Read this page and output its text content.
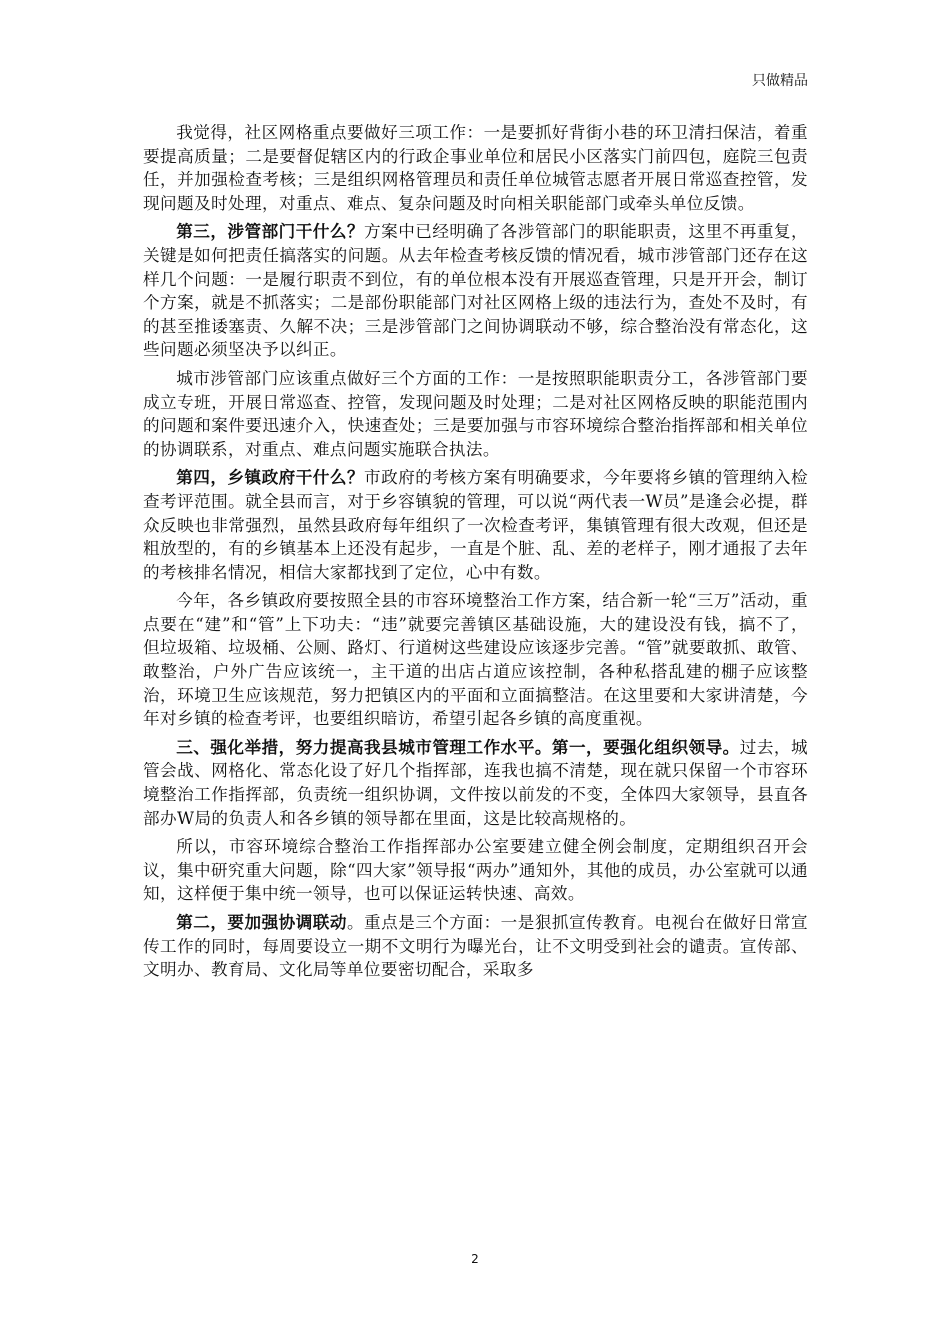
只做精品

我觉得，社区网格重点要做好三项工作：一是要抓好背街小巷的环卫清扫保洁，着重要提高质量；二是要督促辖区内的行政企事业单位和居民小区落实门前四包，庭院三包责任，并加强检查考核；三是组织网格管理员和责任单位城管志愿者开展日常巡查控管，发现问题及时处理，对重点、难点、复杂问题及时向相关职能部门或牵头单位反馈。

第三，涉管部门干什么？方案中已经明确了各涉管部门的职能职责，这里不再重复，关键是如何把责任搞落实的问题。从去年检查考核反馈的情况看，城市涉管部门还存在这样几个问题：一是履行职责不到位，有的单位根本没有开展巡查管理，只是开开会，制订个方案，就是不抓落实；二是部份职能部门对社区网格上级的违法行为，查处不及时，有的甚至推诿塞责、久解不决；三是涉管部门之间协调联动不够，综合整治没有常态化，这些问题必须坚决予以纠正。

城市涉管部门应该重点做好三个方面的工作：一是按照职能职责分工，各涉管部门要成立专班，开展日常巡查、控管，发现问题及时处理；二是对社区网格反映的职能范围内的问题和案件要迅速介入，快速查处；三是要加强与市容环境综合整治指挥部和相关单位的协调联系，对重点、难点问题实施联合执法。

第四，乡镇政府干什么？市政府的考核方案有明确要求，今年要将乡镇的管理纳入检查考评范围。就全县而言，对于乡容镇貌的管理，可以说“两代表一W员”是逢会必提，群众反映也非常强烈，虽然县政府每年组织了一次检查考评，集镇管理有很大改观，但还是粗放型的，有的乡镇基本上还没有起步，一直是个脏、乱、差的老样子，刚才通报了去年的考核排名情况，相信大家都找到了定位，心中有数。

今年，各乡镇政府要按照全县的市容环境整治工作方案，结合新一轮“三万”活动，重点要在“建”和“管”上下功夫：“违”就要完善镇区基础设施，大的建设没有钱，搞不了，但垃圾箱、垃圾桶、公厕、路灯、行道树这些建设应该逐步完善。“管”就要敢抓、敢管、敢整治，户外广告应该统一，主干道的出店占道应该控制，各种私搭乱建的棚子应该整治，环境卫生应该规范，努力把镇区内的平面和立面搞整洁。在这里要和大家讲清楚，今年对乡镇的检查考评，也要组织暗访，希望引起各乡镇的高度重视。

三、强化举措，努力提高我县城市管理工作水平。第一，要强化组织领导。过去，城管会战、网格化、常态化设了好几个指挥部，连我也搞不清楚，现在就只保留一个市容环境整治工作指挥部，负责统一组织协调，文件按以前发的不变，全体四大家领导，县直各部办W局的负责人和各乡镇的领导都在里面，这是比较高规格的。

所以，市容环境综合整治工作指挥部办公室要建立健全例会制度，定期组织召开会议，集中研究重大问题，除“四大家”领导报“两办”通知外，其他的成员，办公室就可以通知，这样便于集中统一领导，也可以保证运转快速、高效。

第二，要加强协调联动。重点是三个方面：一是狠抓宣传教育。电视台在做好日常宣传工作的同时，每周要设立一期不文明行为曝光台，让不文明受到社会的谴责。宣传部、文明办、教育局、文化局等单位要密切配合，采取多

2
